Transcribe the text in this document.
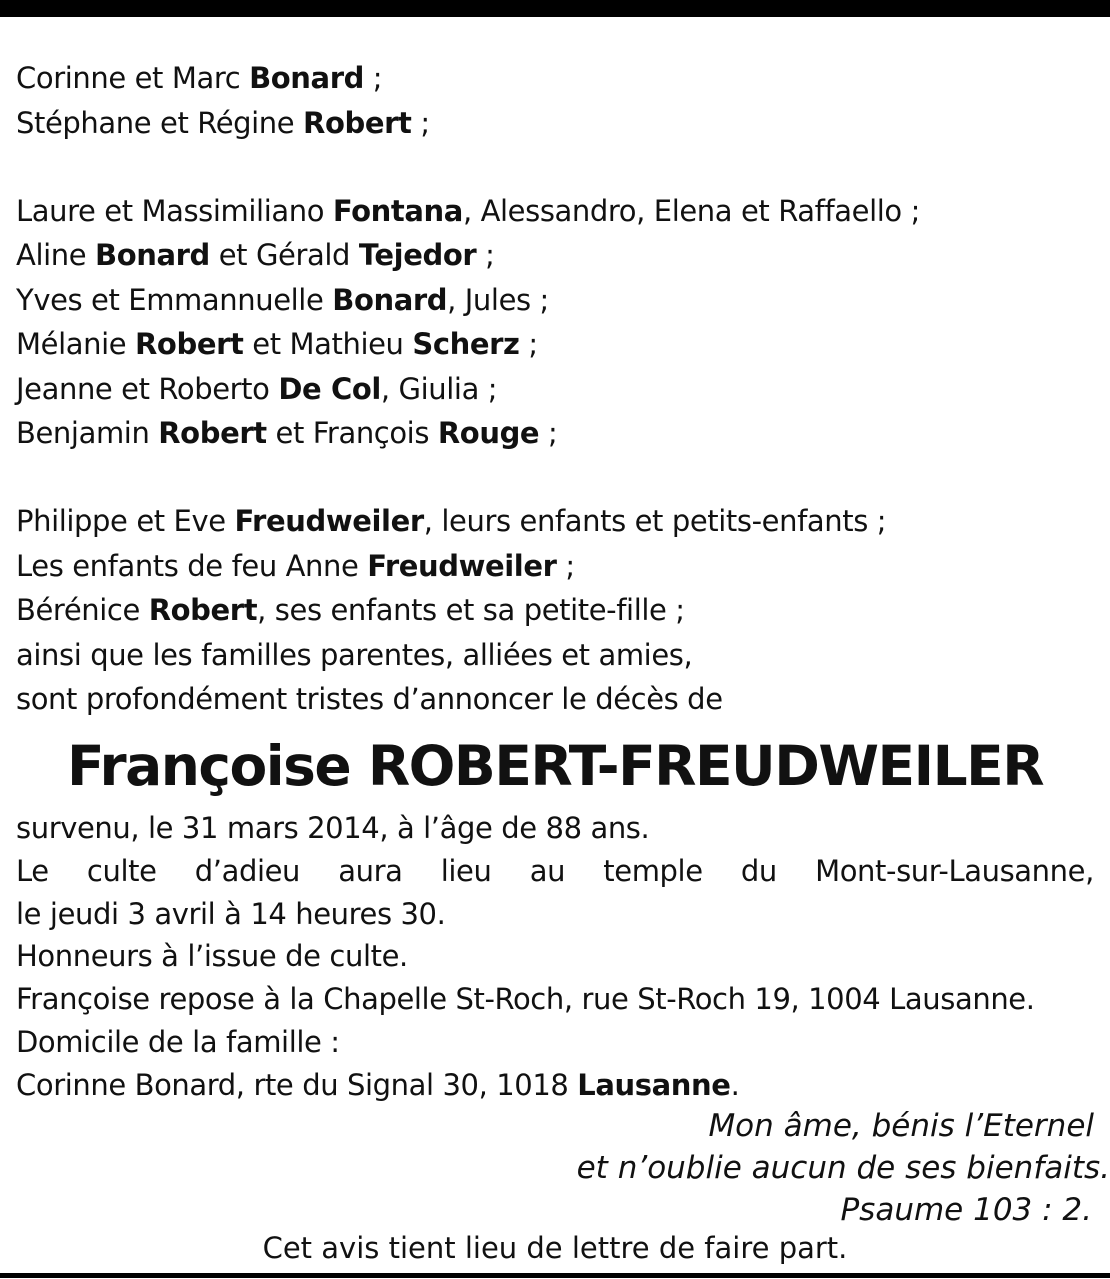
Corinne et Marc Bonard ;
Stéphane et Régine Robert ;
Laure et Massimiliano Fontana, Alessandro, Elena et Raffaello ;
Aline Bonard et Gérald Tejedor ;
Yves et Emmannuelle Bonard, Jules ;
Mélanie Robert et Mathieu Scherz ;
Jeanne et Roberto De Col, Giulia ;
Benjamin Robert et François Rouge ;
Philippe et Eve Freudweiler, leurs enfants et petits-enfants ;
Les enfants de feu Anne Freudweiler ;
Bérénice Robert, ses enfants et sa petite-fille ;
ainsi que les familles parentes, alliées et amies,
sont profondément tristes d’annoncer le décès de
Françoise ROBERT-FREUDWEILER
survenu, le 31 mars 2014, à l’âge de 88 ans.
Le culte d’adieu aura lieu au temple du Mont-sur-Lausanne,
le jeudi 3 avril à 14 heures 30.
Honneurs à l’issue de culte.
Françoise repose à la Chapelle St-Roch, rue St-Roch 19, 1004 Lausanne.
Domicile de la famille :
Corinne Bonard, rte du Signal 30, 1018 Lausanne.
Mon âme, bénis l’Eternel
et n’oublie aucun de ses bienfaits.
Psaume 103 : 2.
Cet avis tient lieu de lettre de faire part.
